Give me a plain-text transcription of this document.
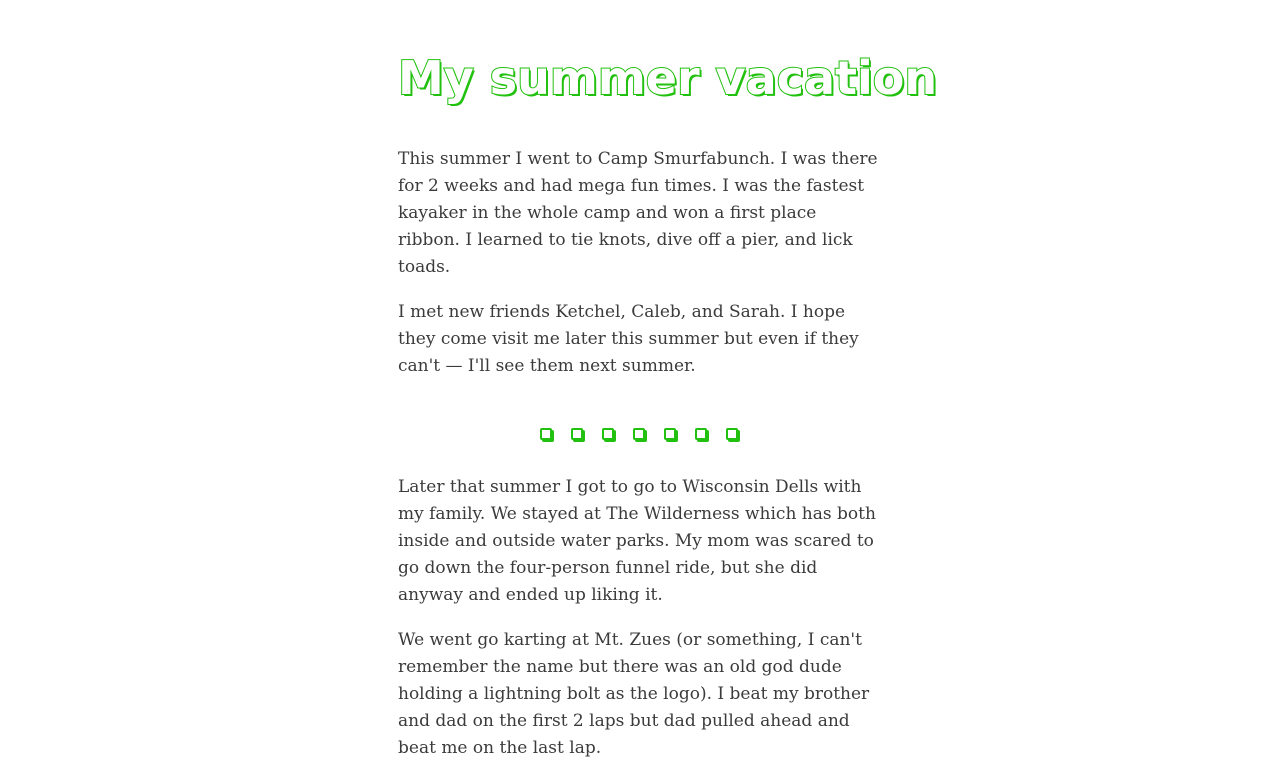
My summer vacation

This summer I went to Camp Smurfabunch. I was there for 2 weeks and had mega fun times. I was the fastest kayaker in the whole camp and won a first place ribbon. I learned to tie knots, dive off a pier, and lick toads.

I met new friends Ketchel, Caleb, and Sarah. I hope they come visit me later this summer but even if they can't — I'll see them next summer.

Later that summer I got to go to Wisconsin Dells with my family. We stayed at The Wilderness which has both inside and outside water parks. My mom was scared to go down the four-person funnel ride, but she did anyway and ended up liking it.

We went go karting at Mt. Zues (or something, I can't remember the name but there was an old god dude holding a lightning bolt as the logo). I beat my brother and dad on the first 2 laps but dad pulled ahead and beat me on the last lap.
